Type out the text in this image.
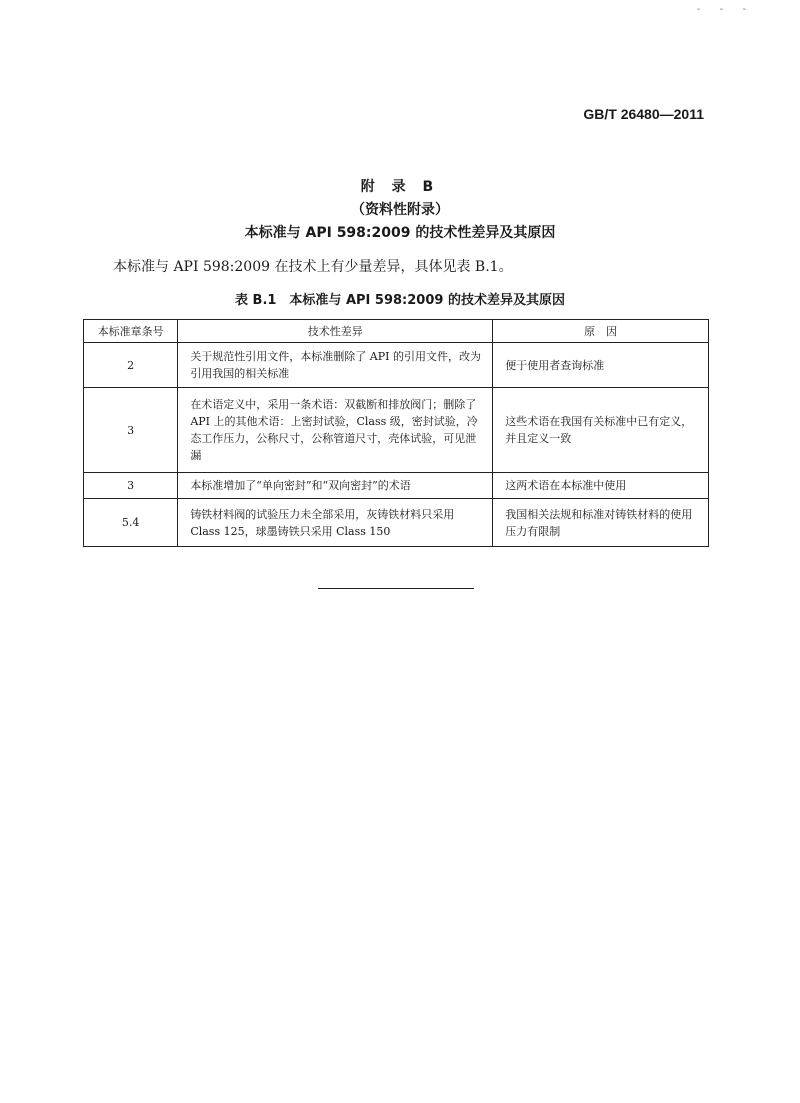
- - -
GB/T 26480—2011
附 录 B
（资料性附录）
本标准与 API 598:2009 的技术性差异及其原因
本标准与 API 598:2009 在技术上有少量差异，具体见表 B.1。
表 B.1　本标准与 API 598:2009 的技术差异及其原因
本标准章条号	技术性差异	原　因
2	关于规范性引用文件，本标准删除了 API 的引用文件，改为引用我国的相关标准	便于使用者查询标准
3	在术语定义中，采用一条术语：双截断和排放阀门；删除了 API 上的其他术语：上密封试验，Class 级，密封试验，冷态工作压力，公称尺寸，公称管道尺寸，壳体试验，可见泄漏	这些术语在我国有关标准中已有定义，并且定义一致
3	本标准增加了“单向密封”和“双向密封”的术语	这两术语在本标准中使用
5.4	铸铁材料阀的试验压力未全部采用，灰铸铁材料只采用 Class 125，球墨铸铁只采用 Class 150	我国相关法规和标准对铸铁材料的使用压力有限制
